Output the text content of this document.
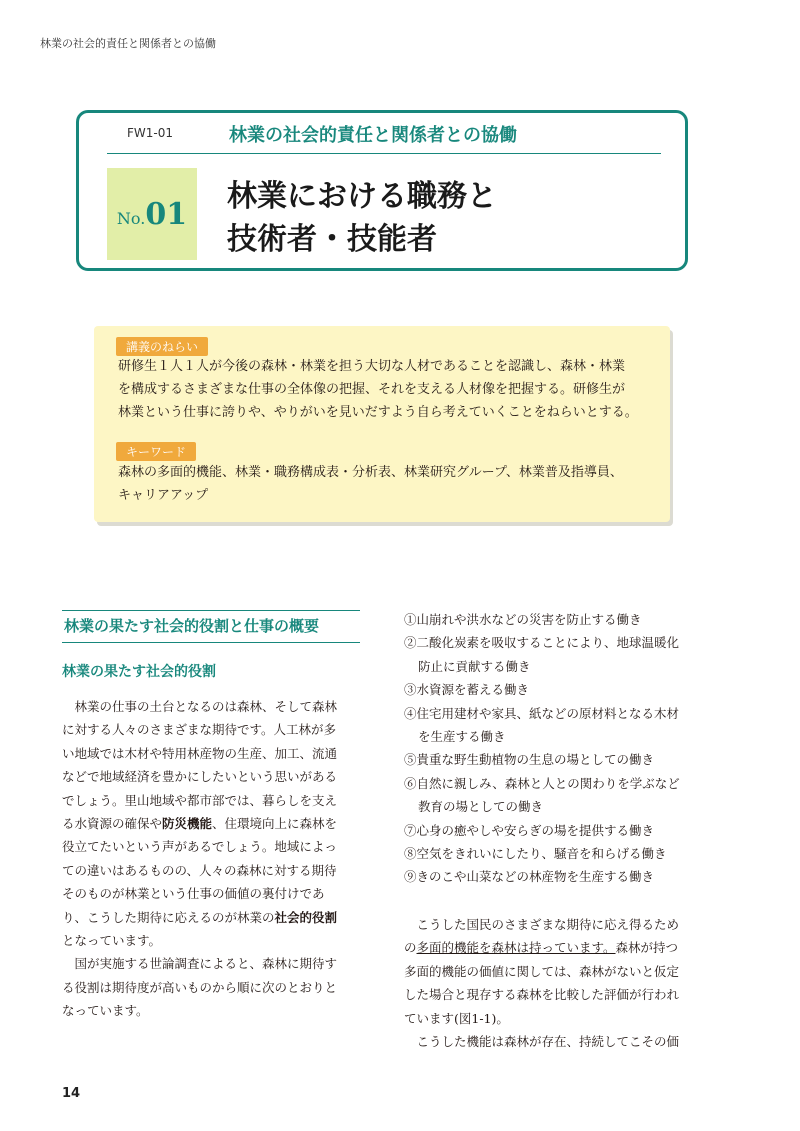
林業の社会的責任と関係者との協働
FW1-01	林業の社会的責任と関係者との協働
No. 01 林業における職務と
技術者・技能者
講義のねらい
研修生１人１人が今後の森林・林業を担う大切な人材であることを認識し、森林・林業
を構成するさまざまな仕事の全体像の把握、それを支える人材像を把握する。研修生が
林業という仕事に誇りや、やりがいを見いだすよう自ら考えていくことをねらいとする。
キーワード
森林の多面的機能、林業・職務構成表・分析表、林業研究グループ、林業普及指導員、
キャリアアップ
林業の果たす社会的役割と仕事の概要
林業の果たす社会的役割
　林業の仕事の土台となるのは森林、そして森林
に対する人々のさまざまな期待です。人工林が多
い地域では木材や特用林産物の生産、加工、流通
などで地域経済を豊かにしたいという思いがある
でしょう。里山地域や都市部では、暮らしを支え
る水資源の確保や防災機能、住環境向上に森林を
役立てたいという声があるでしょう。地域によっ
ての違いはあるものの、人々の森林に対する期待
そのものが林業という仕事の価値の裏付けであ
り、こうした期待に応えるのが林業の社会的役割
となっています。
　国が実施する世論調査によると、森林に期待す
る役割は期待度が高いものから順に次のとおりと
なっています。
①山崩れや洪水などの災害を防止する働き
②二酸化炭素を吸収することにより、地球温暖化
防止に貢献する働き
③水資源を蓄える働き
④住宅用建材や家具、紙などの原材料となる木材
を生産する働き
⑤貴重な野生動植物の生息の場としての働き
⑥自然に親しみ、森林と人との関わりを学ぶなど
教育の場としての働き
⑦心身の癒やしや安らぎの場を提供する働き
⑧空気をきれいにしたり、騒音を和らげる働き
⑨きのこや山菜などの林産物を生産する働き
　こうした国民のさまざまな期待に応え得るため
の多面的機能を森林は持っています。森林が持つ
多面的機能の価値に関しては、森林がないと仮定
した場合と現存する森林を比較した評価が行われ
ています(図1-1)。
　こうした機能は森林が存在、持続してこその価
14
